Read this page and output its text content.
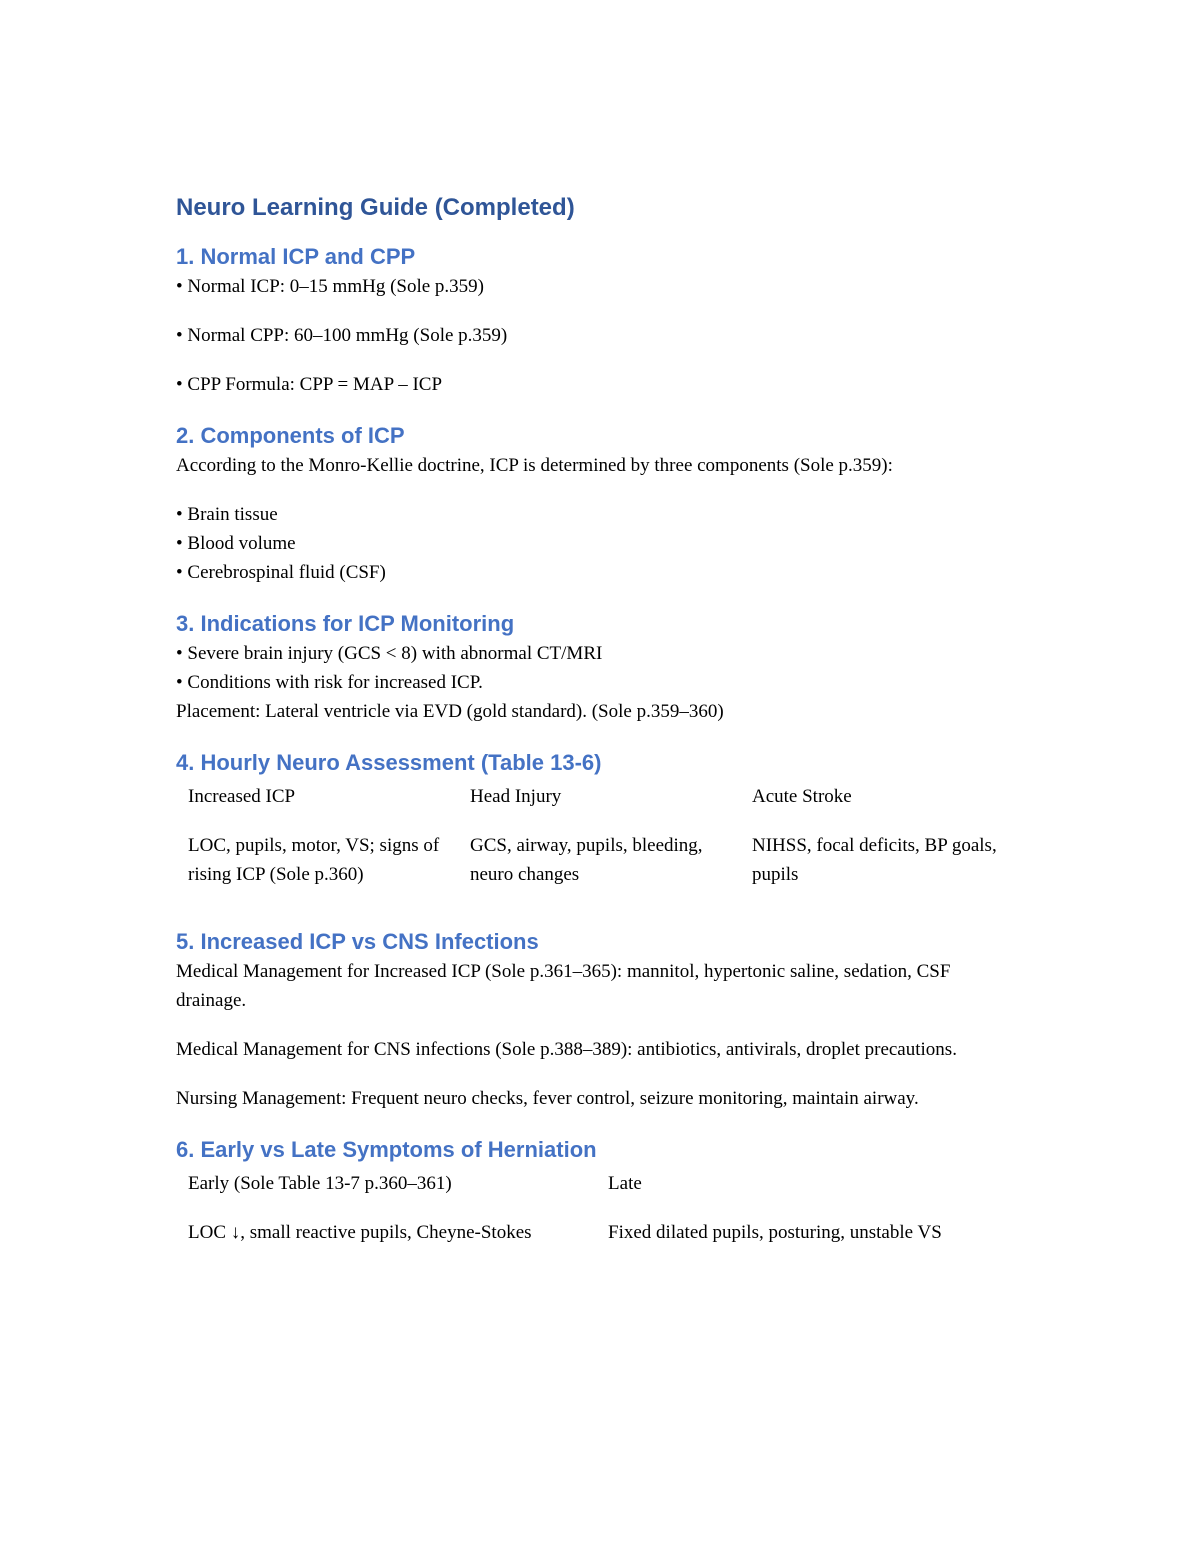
Neuro Learning Guide (Completed)
1. Normal ICP and CPP

• Normal ICP: 0–15 mmHg (Sole p.359)

• Normal CPP: 60–100 mmHg (Sole p.359)

• CPP Formula: CPP = MAP – ICP

2. Components of ICP

According to the Monro-Kellie doctrine, ICP is determined by three components (Sole p.359):

• Brain tissue

• Blood volume

• Cerebrospinal fluid (CSF)

3. Indications for ICP Monitoring

• Severe brain injury (GCS < 8) with abnormal CT/MRI

• Conditions with risk for increased ICP.

Placement: Lateral ventricle via EVD (gold standard). (Sole p.359–360)

4. Hourly Neuro Assessment (Table 13-6)
Increased ICP	Head Injury	Acute Stroke
LOC, pupils, motor, VS; signs of rising ICP (Sole p.360)	GCS, airway, pupils, bleeding, neuro changes	NIHSS, focal deficits, BP goals, pupils
5. Increased ICP vs CNS Infections

Medical Management for Increased ICP (Sole p.361–365): mannitol, hypertonic saline, sedation, CSF drainage.

Medical Management for CNS infections (Sole p.388–389): antibiotics, antivirals, droplet precautions.

Nursing Management: Frequent neuro checks, fever control, seizure monitoring, maintain airway.

6. Early vs Late Symptoms of Herniation
Early (Sole Table 13-7 p.360–361)	Late
LOC ↓, small reactive pupils, Cheyne-Stokes	Fixed dilated pupils, posturing, unstable VS
